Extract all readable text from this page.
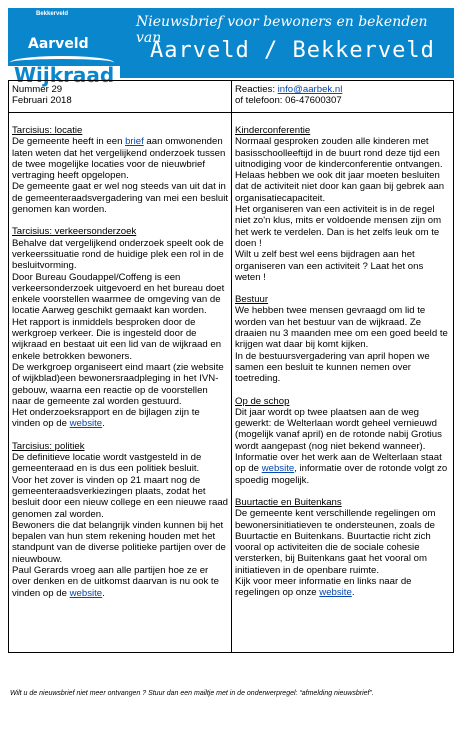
Bekkerveld
Aarveld
Wijkraad
Nieuwsbrief voor bewoners en bekenden van
Aarveld / Bekkerveld
Nummer 29
Februari 2018
Tarcisius: locatie

De gemeente heeft in een brief aan omwonenden laten weten dat het vergelijkend onderzoek tussen de twee mogelijke locaties voor de nieuwbrief vertraging heeft opgelopen.

De gemeente gaat er wel nog steeds van uit dat in de gemeenteraadsvergadering van mei een besluit genomen kan worden.

Tarcisius: verkeersonderzoek

Behalve dat vergelijkend onderzoek speelt ook de verkeerssituatie rond de huidige plek een rol in de besluitvorming.

Door Bureau Goudappel/Coffeng is een verkeersonderzoek uitgevoerd en het bureau doet enkele voorstellen waarmee de omgeving van de locatie Aarweg geschikt gemaakt kan worden.

Het rapport is inmiddels besproken door de werkgroep verkeer. Die is ingesteld door de wijkraad en bestaat uit een lid van de wijkraad en enkele betrokken bewoners.

De werkgroep organiseert eind maart (zie website of wijkblad)een bewonersraadpleging in het IVN-gebouw, waarna een reactie op de voorstellen naar de gemeente zal worden gestuurd.

Het onderzoeksrapport en de bijlagen zijn te vinden op de website.

Tarcisius: politiek

De definitieve locatie wordt vastgesteld in de gemeenteraad en is dus een politiek besluit.

Voor het zover is vinden op 21 maart nog de gemeenteraadsverkiezingen plaats, zodat het besluit door een nieuw college en een nieuwe raad genomen zal worden.

Bewoners die dat belangrijk vinden kunnen bij het bepalen van hun stem rekening houden met het standpunt van de diverse politieke partijen over de nieuwbouw.

Paul Gerards vroeg aan alle partijen hoe ze er over denken en de uitkomst daarvan is nu ook te vinden op de website.

Reacties: info@aarbek.nl
of telefoon: 06-47600307
Kinderconferentie

Normaal gesproken zouden alle kinderen met basisschoolleeftijd in de buurt rond deze tijd een uitnodiging voor de kinderconferentie ontvangen.

Helaas hebben we ook dit jaar moeten besluiten dat de activiteit niet door kan gaan bij gebrek aan organisatiecapaciteit.

Het organiseren van een activiteit is in de regel niet zo'n klus, mits er voldoende mensen zijn om het werk te verdelen. Dan is het zelfs leuk om te doen !

Wilt u zelf best wel eens bijdragen aan het organiseren van een activiteit ? Laat het ons weten !

Bestuur

We hebben twee mensen gevraagd om lid te worden van het bestuur van de wijkraad. Ze draaien nu 3 maanden mee om een goed beeld te krijgen wat daar bij komt kijken.

In de bestuursvergadering van april hopen we samen een besluit te kunnen nemen over toetreding.

Op de schop

Dit jaar wordt op twee plaatsen aan de weg gewerkt: de Welterlaan wordt geheel vernieuwd (mogelijk vanaf april) en de rotonde nabij Grotius wordt aangepast (nog niet bekend wanneer).

Informatie over het werk aan de Welterlaan staat op de website, informatie over de rotonde volgt zo spoedig mogelijk.

Buurtactie en Buitenkans

De gemeente kent verschillende regelingen om bewonersinitiatieven te ondersteunen, zoals de Buurtactie en Buitenkans. Buurtactie richt zich vooral op activiteiten die de sociale cohesie versterken, bij Buitenkans gaat het vooral om initiatieven in de openbare ruimte.

Kijk voor meer informatie en links naar de regelingen op onze website.

Wilt u de nieuwsbrief niet meer ontvangen ? Stuur dan een mailtje met in de onderwerpregel: “afmelding nieuwsbrief”.
